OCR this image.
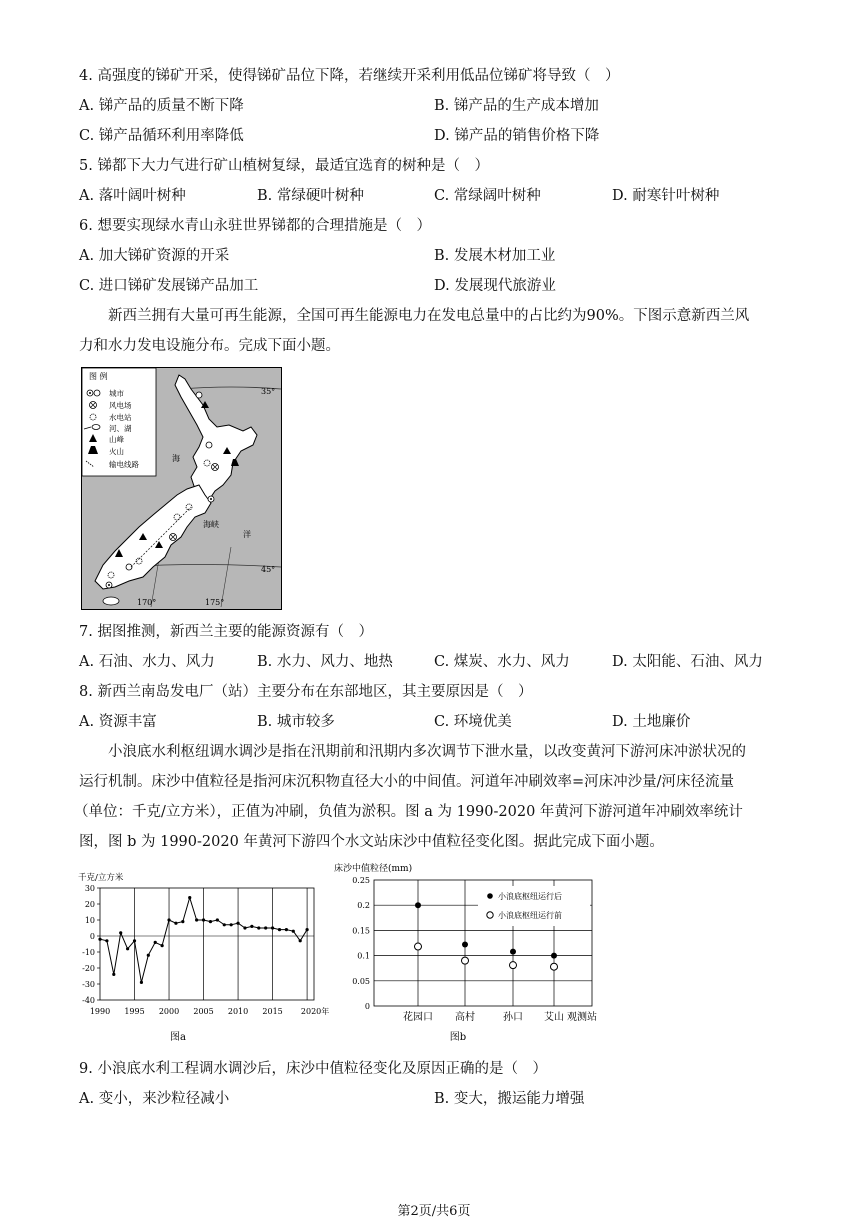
4. 高强度的锑矿开采，使得锑矿品位下降，若继续开采利用低品位锑矿将导致（　）
A. 锑产品的质量不断下降	B. 锑产品的生产成本增加
C. 锑产品循环利用率降低	D. 锑产品的销售价格下降
5. 锑都下大力气进行矿山植树复绿，最适宜选育的树种是（　）
A. 落叶阔叶树种	B. 常绿硬叶树种	C. 常绿阔叶树种	D. 耐寒针叶树种
6. 想要实现绿水青山永驻世界锑都的合理措施是（　）
A. 加大锑矿资源的开采	B. 发展木材加工业
C. 进口锑矿发展锑产品加工	D. 发展现代旅游业
新西兰拥有大量可再生能源，全国可再生能源电力在发电总量中的占比约为90%。下图示意新西兰风
力和水力发电设施分布。完成下面小题。
图 例
城市
风电场
水电站
河、湖
山峰
火山
输电线路
35°
45°
170°	175°
海
海峡
洋
7. 据图推测，新西兰主要的能源资源有（　）
A. 石油、水力、风力	B. 水力、风力、地热	C. 煤炭、水力、风力	D. 太阳能、石油、风力
8. 新西兰南岛发电厂（站）主要分布在东部地区，其主要原因是（　）
A. 资源丰富	B. 城市较多	C. 环境优美	D. 土地廉价
小浪底水利枢纽调水调沙是指在汛期前和汛期内多次调节下泄水量，以改变黄河下游河床冲淤状况的
运行机制。床沙中值粒径是指河床沉积物直径大小的中间值。河道年冲刷效率=河床冲沙量/河床径流量
（单位：千克/立方米），正值为冲刷，负值为淤积。图 a 为 1990-2020 年黄河下游河道年冲刷效率统计
图，图 b 为 1990-2020 年黄河下游四个水文站床沙中值粒径变化图。据此完成下面小题。
千克/立方米
30
20
10
0
-10
-20
-30
-40
1990 1995 2000 2005 2010 2015 2020年
图a
床沙中值粒径(mm)
0.25
0.2
0.15
0.1
0.05
0
花园口 高村	孙口 艾山 观测站
小浪底枢纽运行后
小浪底枢纽运行前
图b
9. 小浪底水利工程调水调沙后，床沙中值粒径变化及原因正确的是（　）
A. 变小，来沙粒径减小	B. 变大，搬运能力增强
第2页/共6页
